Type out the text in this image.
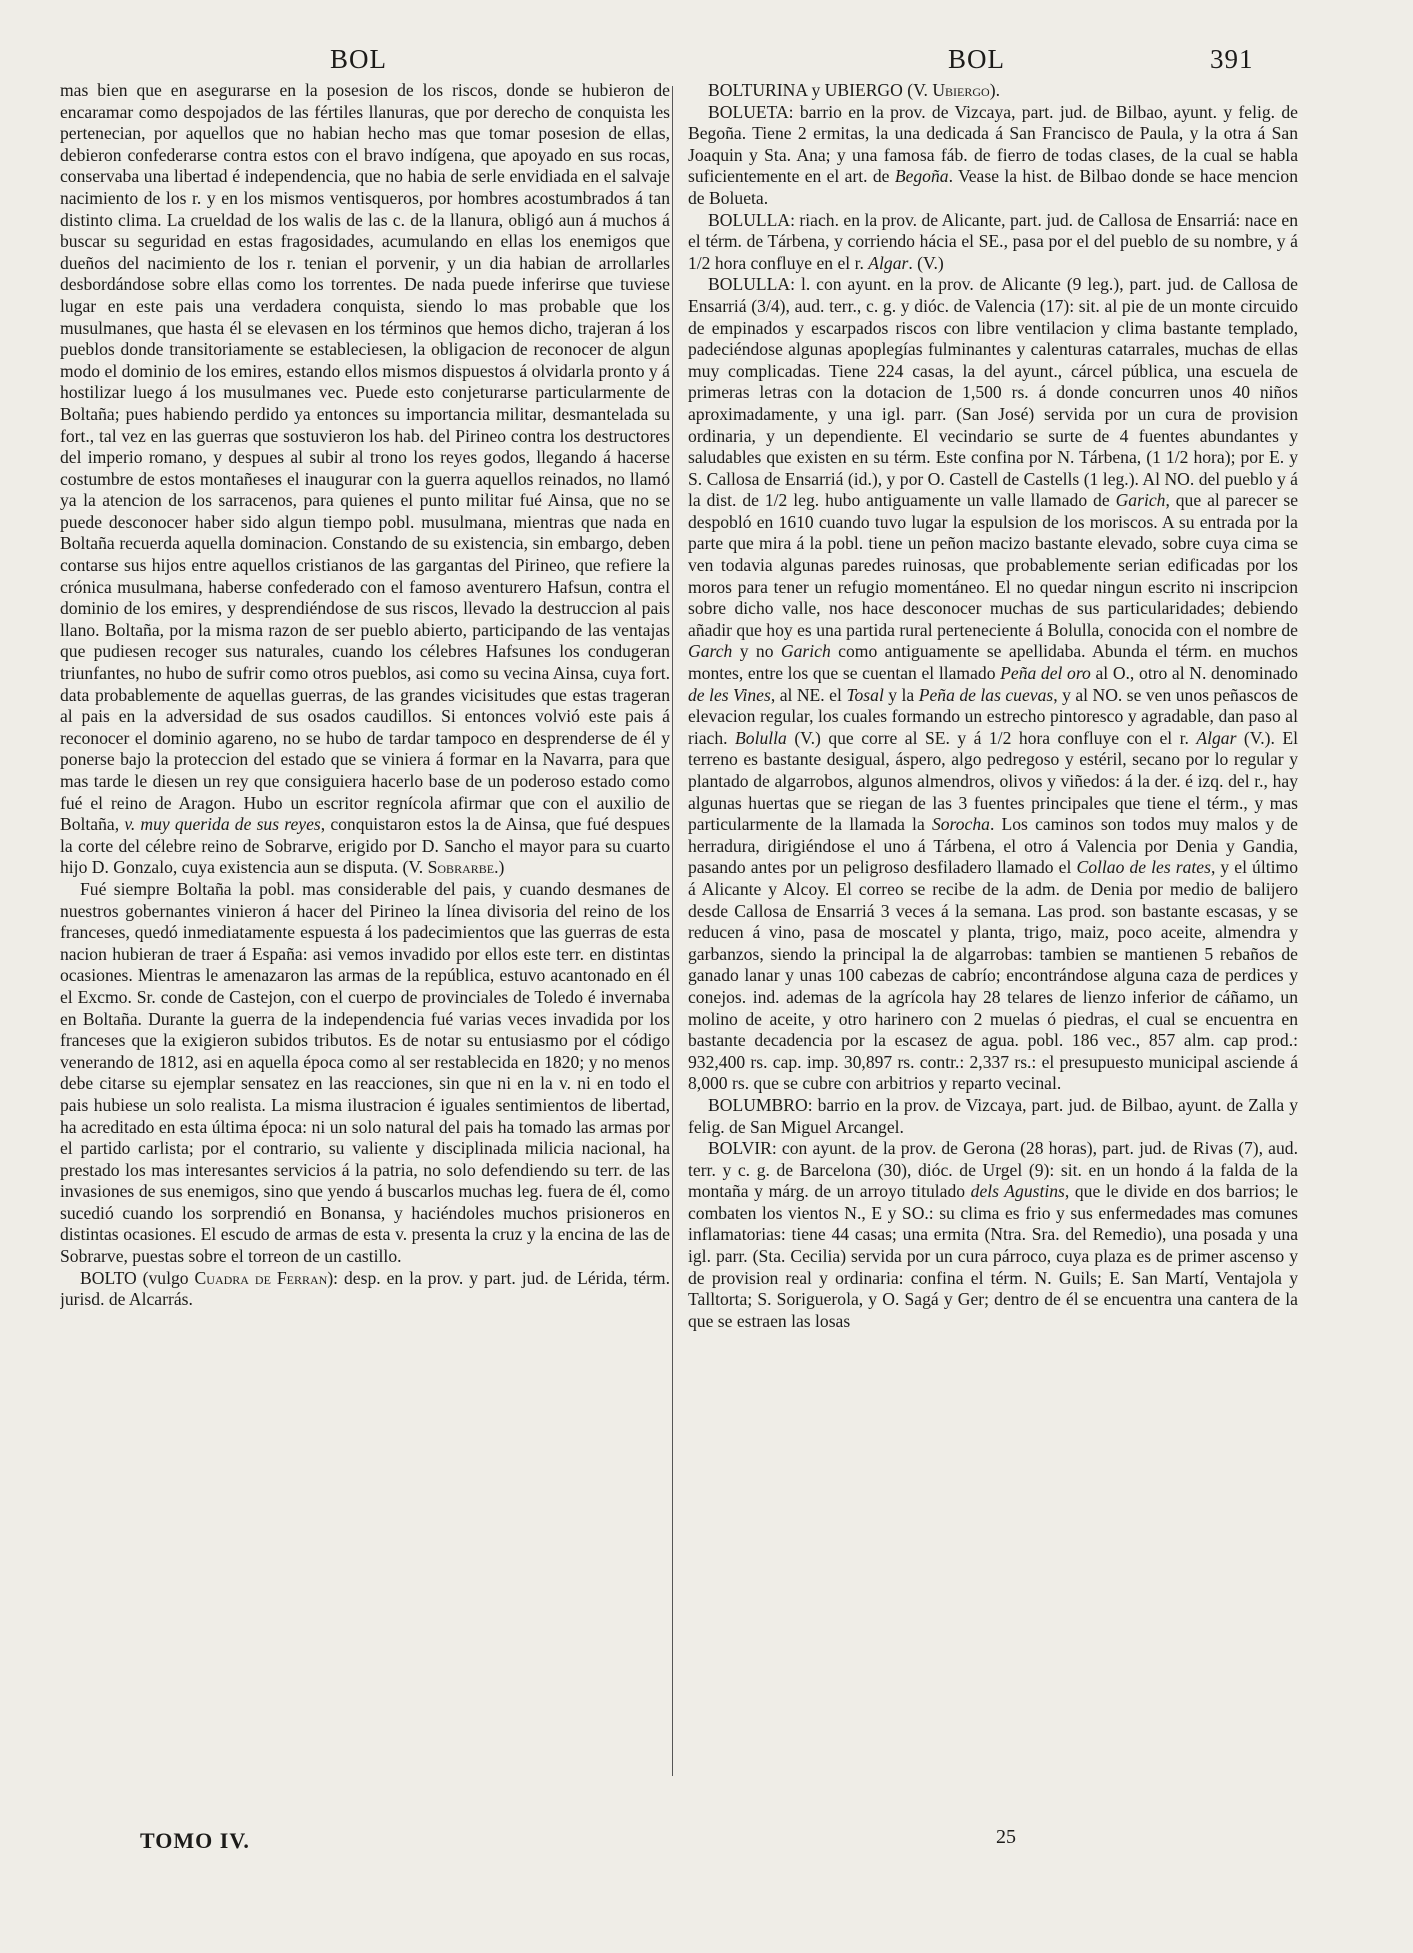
BOL	BOL	391

mas bien que en asegurarse en la posesion de los riscos, donde se hubieron de encaramar como despojados de las fértiles llanuras, que por derecho de conquista les pertenecian, por aquellos que no habian hecho mas que tomar posesion de ellas, debieron confederarse contra estos con el bravo indígena, que apoyado en sus rocas, conservaba una libertad é independencia, que no habia de serle envidiada en el salvaje nacimiento de los r. y en los mismos ventisqueros, por hombres acostumbrados á tan distinto clima. La crueldad de los walis de las c. de la llanura, obligó aun á muchos á buscar su seguridad en estas fragosidades, acumulando en ellas los enemigos que dueños del nacimiento de los r. tenian el porvenir, y un dia habian de arrollarles desbordándose sobre ellas como los torrentes. De nada puede inferirse que tuviese lugar en este pais una verdadera conquista, siendo lo mas probable que los musulmanes, que hasta él se elevasen en los términos que hemos dicho, trajeran á los pueblos donde transitoriamente se estableciesen, la obligacion de reconocer de algun modo el dominio de los emires, estando ellos mismos dispuestos á olvidarla pronto y á hostilizar luego á los musulmanes vec. Puede esto conjeturarse particularmente de Boltaña; pues habiendo perdido ya entonces su importancia militar, desmantelada su fort., tal vez en las guerras que sostuvieron los hab. del Pirineo contra los destructores del imperio romano, y despues al subir al trono los reyes godos, llegando á hacerse costumbre de estos montañeses el inaugurar con la guerra aquellos reinados, no llamó ya la atencion de los sarracenos, para quienes el punto militar fué Ainsa, que no se puede desconocer haber sido algun tiempo pobl. musulmana, mientras que nada en Boltaña recuerda aquella dominacion. Constando de su existencia, sin embargo, deben contarse sus hijos entre aquellos cristianos de las gargantas del Pirineo, que refiere la crónica musulmana, haberse confederado con el famoso aventurero Hafsun, contra el dominio de los emires, y desprendiéndose de sus riscos, llevado la destruccion al pais llano. Boltaña, por la misma razon de ser pueblo abierto, participando de las ventajas que pudiesen recoger sus naturales, cuando los célebres Hafsunes los condugeran triunfantes, no hubo de sufrir como otros pueblos, asi como su vecina Ainsa, cuya fort. data probablemente de aquellas guerras, de las grandes vicisitudes que estas trageran al pais en la adversidad de sus osados caudillos. Si entonces volvió este pais á reconocer el dominio agareno, no se hubo de tardar tampoco en desprenderse de él y ponerse bajo la proteccion del estado que se viniera á formar en la Navarra, para que mas tarde le diesen un rey que consiguiera hacerlo base de un poderoso estado como fué el reino de Aragon. Hubo un escritor regnícola afirmar que con el auxilio de Boltaña, v. muy querida de sus reyes, conquistaron estos la de Ainsa, que fué despues la corte del célebre reino de Sobrarve, erigido por D. Sancho el mayor para su cuarto hijo D. Gonzalo, cuya existencia aun se disputa. (V. Sobrarbe.)

Fué siempre Boltaña la pobl. mas considerable del pais, y cuando desmanes de nuestros gobernantes vinieron á hacer del Pirineo la línea divisoria del reino de los franceses, quedó inmediatamente espuesta á los padecimientos que las guerras de esta nacion hubieran de traer á España: asi vemos invadido por ellos este terr. en distintas ocasiones. Mientras le amenazaron las armas de la república, estuvo acantonado en él el Excmo. Sr. conde de Castejon, con el cuerpo de provinciales de Toledo é invernaba en Boltaña. Durante la guerra de la independencia fué varias veces invadida por los franceses que la exigieron subidos tributos. Es de notar su entusiasmo por el código venerando de 1812, asi en aquella época como al ser restablecida en 1820; y no menos debe citarse su ejemplar sensatez en las reacciones, sin que ni en la v. ni en todo el pais hubiese un solo realista. La misma ilustracion é iguales sentimientos de libertad, ha acreditado en esta última época: ni un solo natural del pais ha tomado las armas por el partido carlista; por el contrario, su valiente y disciplinada milicia nacional, ha prestado los mas interesantes servicios á la patria, no solo defendiendo su terr. de las invasiones de sus enemigos, sino que yendo á buscarlos muchas leg. fuera de él, como sucedió cuando los sorprendió en Bonansa, y haciéndoles muchos prisioneros en distintas ocasiones. El escudo de armas de esta v. presenta la cruz y la encina de las de Sobrarve, puestas sobre el torreon de un castillo.

BOLTO (vulgo Cuadra de Ferran): desp. en la prov. y part. jud. de Lérida, térm. jurisd. de Alcarrás.

BOLTURINA y UBIERGO (V. Ubiergo).

BOLUETA: barrio en la prov. de Vizcaya, part. jud. de Bilbao, ayunt. y felig. de Begoña. Tiene 2 ermitas, la una dedicada á San Francisco de Paula, y la otra á San Joaquin y Sta. Ana; y una famosa fáb. de fierro de todas clases, de la cual se habla suficientemente en el art. de Begoña. Vease la hist. de Bilbao donde se hace mencion de Bolueta.

BOLULLA: riach. en la prov. de Alicante, part. jud. de Callosa de Ensarriá: nace en el térm. de Tárbena, y corriendo hácia el SE., pasa por el del pueblo de su nombre, y á 1/2 hora confluye en el r. Algar. (V.)

BOLULLA: l. con ayunt. en la prov. de Alicante (9 leg.), part. jud. de Callosa de Ensarriá (3/4), aud. terr., c. g. y dióc. de Valencia (17): sit. al pie de un monte circuido de empinados y escarpados riscos con libre ventilacion y clima bastante templado, padeciéndose algunas apoplegías fulminantes y calenturas catarrales, muchas de ellas muy complicadas. Tiene 224 casas, la del ayunt., cárcel pública, una escuela de primeras letras con la dotacion de 1,500 rs. á donde concurren unos 40 niños aproximadamente, y una igl. parr. (San José) servida por un cura de provision ordinaria, y un dependiente. El vecindario se surte de 4 fuentes abundantes y saludables que existen en su térm. Este confina por N. Tárbena, (1 1/2 hora); por E. y S. Callosa de Ensarriá (id.), y por O. Castell de Castells (1 leg.). Al NO. del pueblo y á la dist. de 1/2 leg. hubo antiguamente un valle llamado de Garich, que al parecer se despobló en 1610 cuando tuvo lugar la espulsion de los moriscos. A su entrada por la parte que mira á la pobl. tiene un peñon macizo bastante elevado, sobre cuya cima se ven todavia algunas paredes ruinosas, que probablemente serian edificadas por los moros para tener un refugio momentáneo. El no quedar ningun escrito ni inscripcion sobre dicho valle, nos hace desconocer muchas de sus particularidades; debiendo añadir que hoy es una partida rural perteneciente á Bolulla, conocida con el nombre de Garch y no Garich como antiguamente se apellidaba. Abunda el térm. en muchos montes, entre los que se cuentan el llamado Peña del oro al O., otro al N. denominado de les Vines, al NE. el Tosal y la Peña de las cuevas, y al NO. se ven unos peñascos de elevacion regular, los cuales formando un estrecho pintoresco y agradable, dan paso al riach. Bolulla (V.) que corre al SE. y á 1/2 hora confluye con el r. Algar (V.). El terreno es bastante desigual, áspero, algo pedregoso y estéril, secano por lo regular y plantado de algarrobos, algunos almendros, olivos y viñedos: á la der. é izq. del r., hay algunas huertas que se riegan de las 3 fuentes principales que tiene el térm., y mas particularmente de la llamada la Sorocha. Los caminos son todos muy malos y de herradura, dirigiéndose el uno á Tárbena, el otro á Valencia por Denia y Gandia, pasando antes por un peligroso desfiladero llamado el Collao de les rates, y el último á Alicante y Alcoy. El correo se recibe de la adm. de Denia por medio de balijero desde Callosa de Ensarriá 3 veces á la semana. Las prod. son bastante escasas, y se reducen á vino, pasa de moscatel y planta, trigo, maiz, poco aceite, almendra y garbanzos, siendo la principal la de algarrobas: tambien se mantienen 5 rebaños de ganado lanar y unas 100 cabezas de cabrío; encontrándose alguna caza de perdices y conejos. ind. ademas de la agrícola hay 28 telares de lienzo inferior de cáñamo, un molino de aceite, y otro harinero con 2 muelas ó piedras, el cual se encuentra en bastante decadencia por la escasez de agua. pobl. 186 vec., 857 alm. cap prod.: 932,400 rs. cap. imp. 30,897 rs. contr.: 2,337 rs.: el presupuesto municipal asciende á 8,000 rs. que se cubre con arbitrios y reparto vecinal.

BOLUMBRO: barrio en la prov. de Vizcaya, part. jud. de Bilbao, ayunt. de Zalla y felig. de San Miguel Arcangel.

BOLVIR: con ayunt. de la prov. de Gerona (28 horas), part. jud. de Rivas (7), aud. terr. y c. g. de Barcelona (30), dióc. de Urgel (9): sit. en un hondo á la falda de la montaña y márg. de un arroyo titulado dels Agustins, que le divide en dos barrios; le combaten los vientos N., E y SO.: su clima es frio y sus enfermedades mas comunes inflamatorias: tiene 44 casas; una ermita (Ntra. Sra. del Remedio), una posada y una igl. parr. (Sta. Cecilia) servida por un cura párroco, cuya plaza es de primer ascenso y de provision real y ordinaria: confina el térm. N. Guils; E. San Martí, Ventajola y Talltorta; S. Soriguerola, y O. Sagá y Ger; dentro de él se encuentra una cantera de la que se estraen las losas

TOMO IV.	25
